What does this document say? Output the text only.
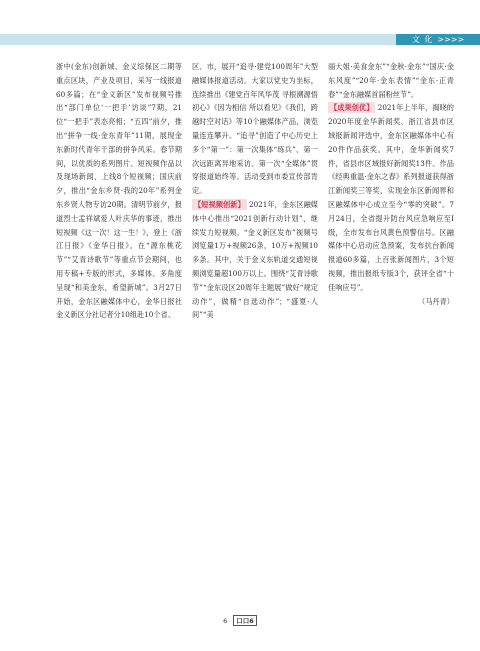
文 化 >>>>

浙中(金东)创新城、金义综保区二期等重点区块，产业及项目，采写一线报道60多篇；在“金义新区”发布视频号推出“部门单位‘一把手’访谈”7期，21位“一把手”表态亮相；“五四”前夕，推出“拼争一线·金东青年”11期，展现金东新时代青年干部的拼争风采。春节期间，以优质的系列图片、短视频作品以及现场新闻，上线8个短视频；国庆前夕，推出“金东乡贤·我的20年”系列金东乡贤人物专访20期。清明节前夕，报道烈士孟祥斌爱人叶庆华的事迹，推出短视频《这一次！这一生！》，登上《浙江日报》《金华日报》。在“源东桃花节”“艾青诗歌节”等重点节会期间，也用专稿+专版的形式，多媒体、多角度呈现“和美金东，希望新城”。3月27日开始，金东区融媒体中心，金华日报社金义新区分社记者分10组赴10个省、

区、市，展开“追寻·建党100周年”大型融媒体报道活动。大家以党史为坐标，连续推出《建党百年风华茂 寻根溯源悟初心》《因为相信 所以看见》《我们，跨越时空对话》等10个融媒体产品，浏览量连连攀升。“追寻”创造了中心历史上多个“第一”：第一次集体“练兵”、第一次远距离异地采访、第一次“全媒体”贯穿报道始终等。活动受到市委宣传部肯定。

【短视频创新】 2021年，金东区融媒体中心推出“2021创新行动计划”，继续发力短视频。“金义新区发布”视频号浏览量1万+视频26条，10万+视频10多条。其中，关于金义东轨道交通短视频浏览量超100万以上。围绕“艾青诗歌节”“金东设区20周年主题展”做好“规定动作”，做精“自选动作”；“盛夏·人间”“美

丽大姐·美食金东”“金秋·金东”“国庆·金东风度”“20年·金东表情”“金东·正青春”“金东融媒首届粉丝节”。

【成果创优】 2021年上半年，揭晓的2020年度金华新闻奖、浙江省县市区域报新闻评选中，金东区融媒体中心有20件作品获奖。其中，金华新闻奖7件，省县市区域报好新闻奖13件。作品《经典重温·金东之春》系列报道获得浙江新闻奖三等奖，实现金东区新闻界和区融媒体中心成立至今“零的突破”。7月24日，全省提升防台风应急响应至Ⅰ级，全市发布台风黄色预警信号。区融媒体中心启动应急预案，发布抗台新闻报道60多篇，上百张新闻图片，3个短视频，推出报纸专版3个，获评全省“十佳响应号”。

（马丹青）

6 口口6
